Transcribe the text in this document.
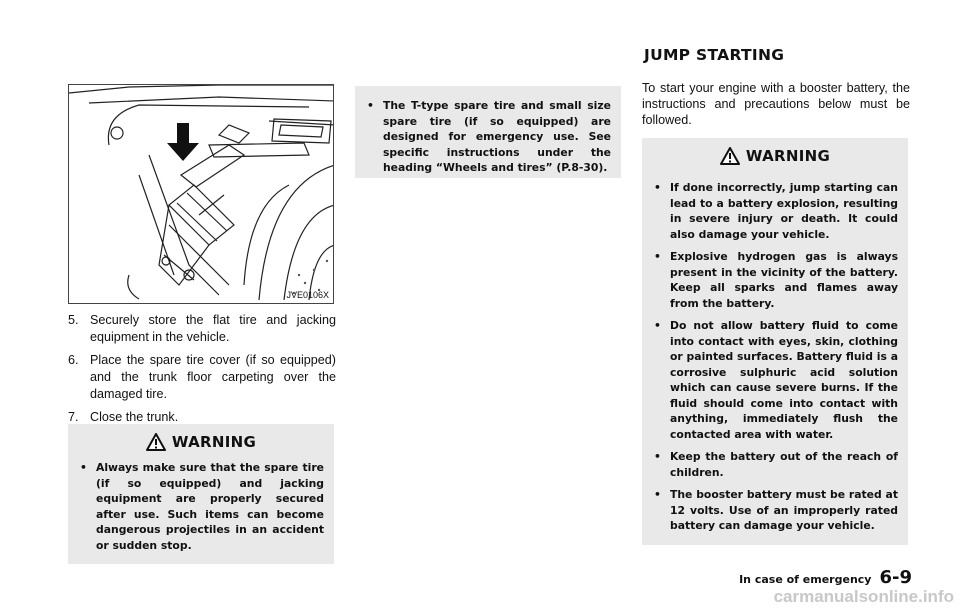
JVE0106X
5. Securely store the flat tire and jacking equipment in the vehicle.
6. Place the spare tire cover (if so equipped) and the trunk floor carpeting over the damaged tire.
7. Close the trunk.
WARNING
• Always make sure that the spare tire (if so equipped) and jacking equipment are properly secured after use. Such items can become dangerous projectiles in an accident or sudden stop.
• The T-type spare tire and small size spare tire (if so equipped) are designed for emergency use. See specific instructions under the heading “Wheels and tires” (P.8-30).
JUMP STARTING
To start your engine with a booster battery, the instructions and precautions below must be followed.
WARNING
• If done incorrectly, jump starting can lead to a battery explosion, resulting in severe injury or death. It could also damage your vehicle.
• Explosive hydrogen gas is always present in the vicinity of the battery. Keep all sparks and flames away from the battery.
• Do not allow battery fluid to come into contact with eyes, skin, clothing or painted surfaces. Battery fluid is a corrosive sulphuric acid solution which can cause severe burns. If the fluid should come into contact with anything, immediately flush the contacted area with water.
• Keep the battery out of the reach of children.
• The booster battery must be rated at 12 volts. Use of an improperly rated battery can damage your vehicle.
In case of emergency 6-9
carmanualsonline.info
